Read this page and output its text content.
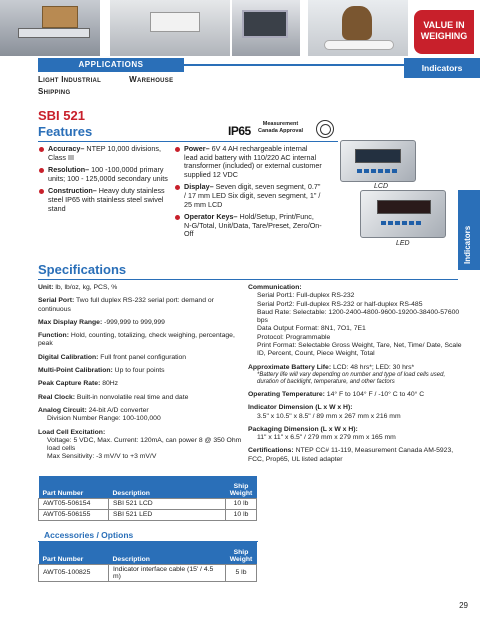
VALUE IN
WEIGHING
APPLICATIONS	Indicators
Light Industrial	Warehouse
Shipping
SBI 521
Features	IP65	Measurement
Canada Approval
Accuracy– NTEP 10,000 divisions, Class III
Resolution– 100 -100,000d primary units; 100 - 125,000d secondary units
Construction– Heavy duty stainless steel IP65 with stainless steel swivel stand
Power– 6V 4 AH rechargeable internal lead acid battery with 110/220 AC internal transformer (included) or external customer supplied 12 VDC
Display– Seven digit, seven segment, 0.7" / 17 mm LED Six digit, seven segment, 1" / 25 mm LCD
Operator Keys– Hold/Setup, Print/Func, N-G/Total, Unit/Data, Tare/Preset, Zero/On-Off
LCD
LED	Indicators
Specifications

Unit: lb, lb/oz, kg, PCS, %

Serial Port: Two full duplex RS-232 serial port: demand or continuous

Max Display Range: -999,999 to 999,999

Function: Hold, counting, totalizing, check weighing, percentage, peak

Digital Calibration: Full front panel configuration

Multi-Point Calibration: Up to four points

Peak Capture Rate: 80Hz

Real Clock: Built-in nonvolatile real time and date

Analog Circuit: 24-bit A/D converter
Division Number Range: 100-100,000

Load Cell Excitation:
Voltage: 5 VDC, Max. Current: 120mA, can power 8 @ 350 Ohm load cells
Max Sensitivity: -3 mV/V to +3 mV/V

Communication:
Serial Port1: Full-duplex RS-232
Serial Port2: Full-duplex RS-232 or half-duplex RS-485
Baud Rate: Selectable: 1200-2400-4800-9600-19200-38400-57600 bps
Data Output Format: 8N1, 7O1, 7E1
Protocol: Programmable
Print Format: Selectable Gross Weight, Tare, Net, Time/ Date, Scale ID, Percent, Count, Piece Weight, Total

Approximate Battery Life: LCD: 48 hrs*; LED: 30 hrs*
*Battery life will vary depending on number and type of load cells used, duration of backlight, temperature, and other factors

Operating Temperature: 14° F to 104° F / -10° C to 40° C

Indicator Dimension (L x W x H):
3.5" x 10.5" x 8.5" / 89 mm x 267 mm x 216 mm

Packaging Dimension (L x W x H):
11" x 11" x 6.5" / 279 mm x 279 mm x 165 mm

Certifications: NTEP CC# 11-119, Measurement Canada AM-5923, FCC, Prop65, UL listed adapter

Part Number	Description	Ship
Weight
AWT05-506154	SBI 521 LCD	10 lb
AWT05-506155	SBI 521 LED	10 lb
Accessories / Options
Part Number	Description	Ship
Weight
AWT05-100825	Indicator interface cable (15' / 4.5 m)	5 lb
29
